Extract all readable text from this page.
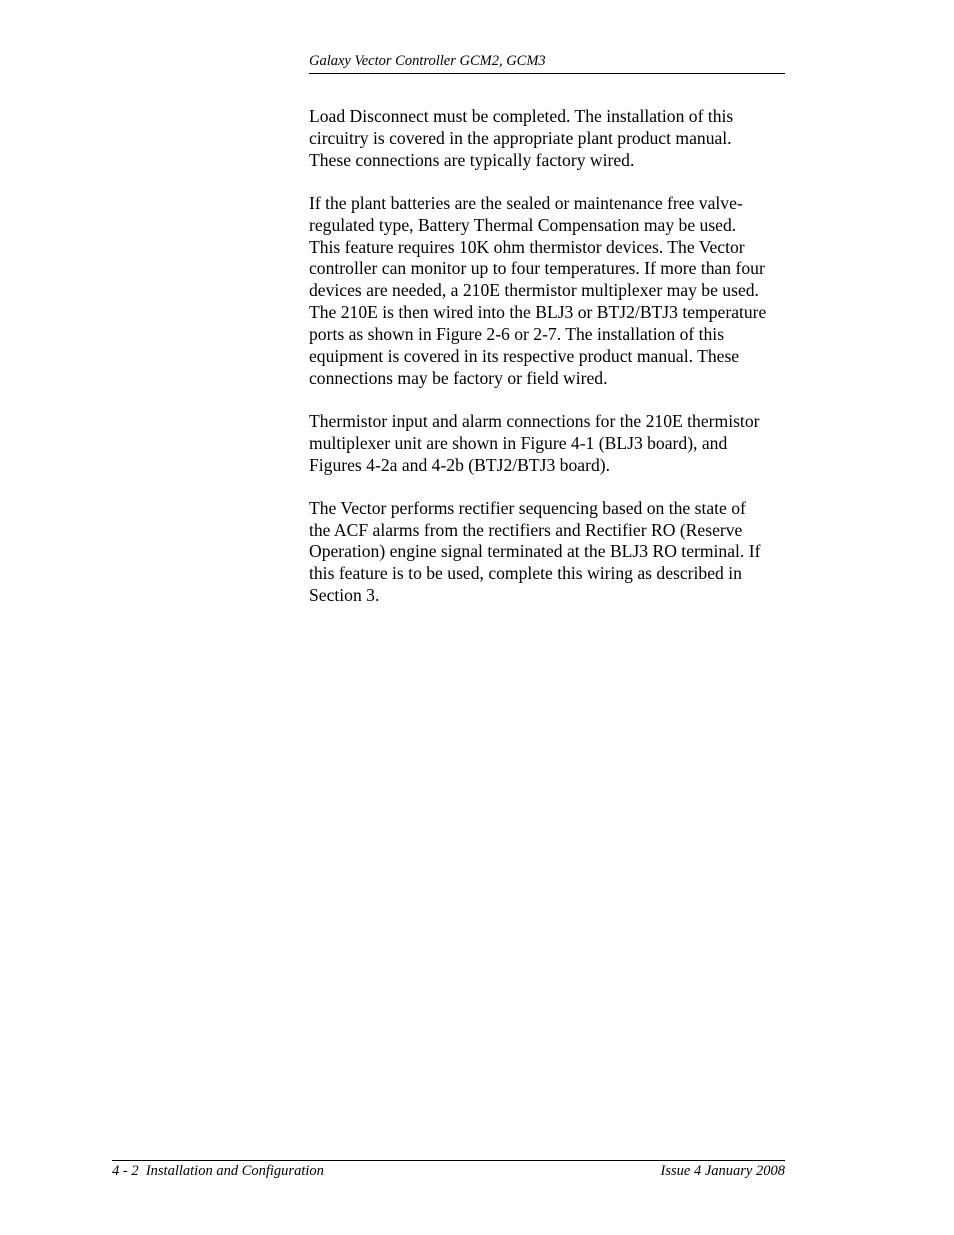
Galaxy Vector Controller GCM2, GCM3

Load Disconnect must be completed. The installation of this
circuitry is covered in the appropriate plant product manual.
These connections are typically factory wired.

If the plant batteries are the sealed or maintenance free valve-
regulated type, Battery Thermal Compensation may be used.
This feature requires 10K ohm thermistor devices. The Vector
controller can monitor up to four temperatures. If more than four
devices are needed, a 210E thermistor multiplexer may be used.
The 210E is then wired into the BLJ3 or BTJ2/BTJ3 temperature
ports as shown in Figure 2-6 or 2-7. The installation of this
equipment is covered in its respective product manual. These
connections may be factory or field wired.

Thermistor input and alarm connections for the 210E thermistor
multiplexer unit are shown in Figure 4-1 (BLJ3 board), and
Figures 4-2a and 4-2b (BTJ2/BTJ3 board).

The Vector performs rectifier sequencing based on the state of
the ACF alarms from the rectifiers and Rectifier RO (Reserve
Operation) engine signal terminated at the BLJ3 RO terminal. If
this feature is to be used, complete this wiring as described in
Section 3.

4 - 2  Installation and Configuration	Issue 4 January 2008
